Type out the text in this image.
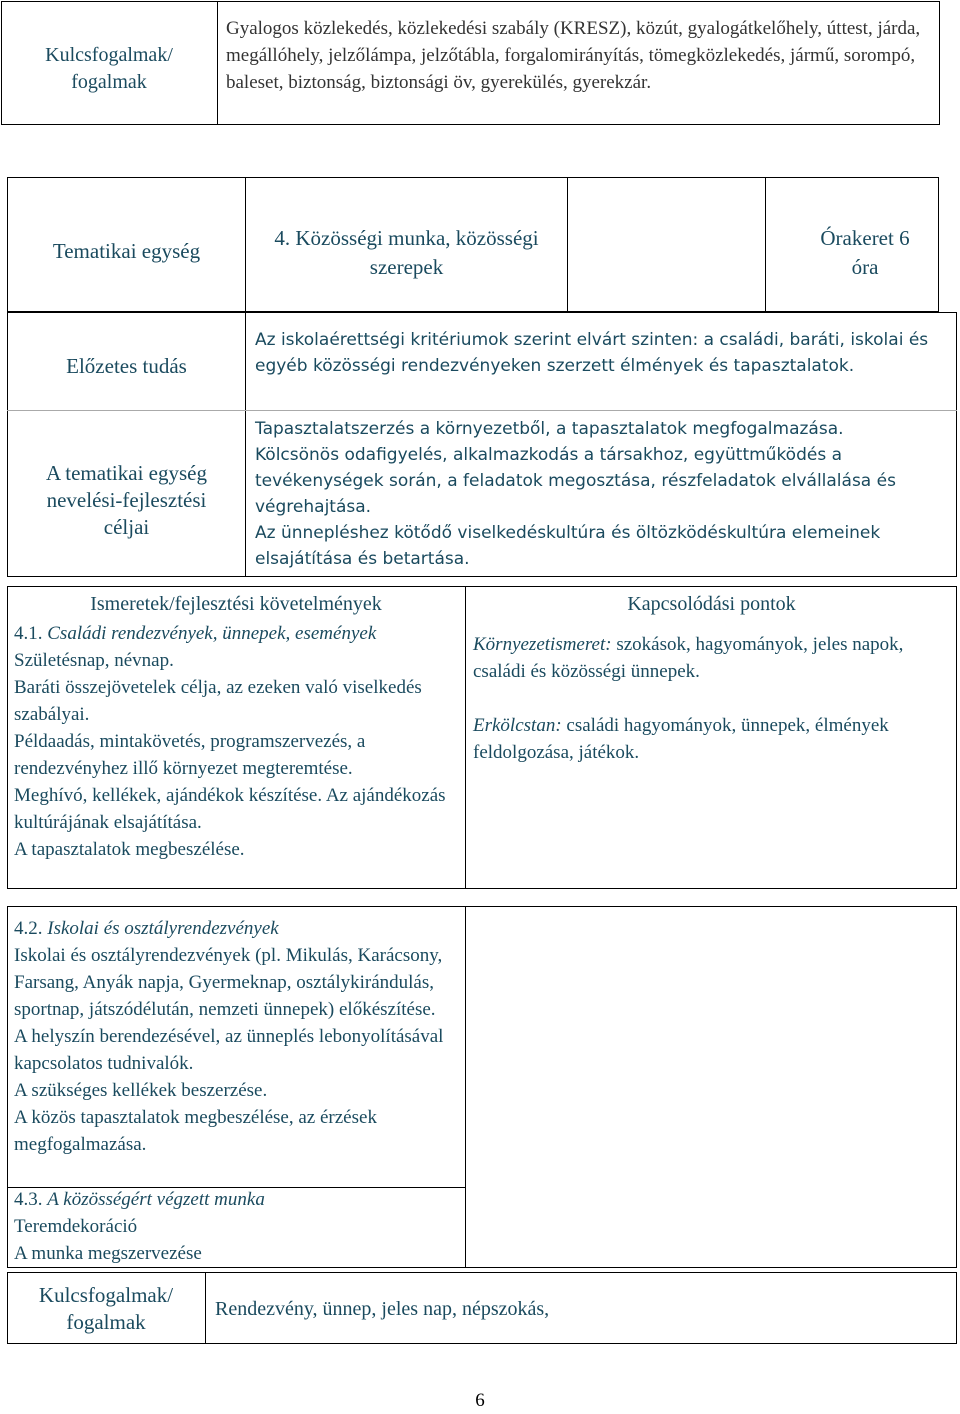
Kulcsfogalmak/
fogalmak
Gyalogos közlekedés, közlekedési szabály (KRESZ), közút, gyalogátkelőhely, úttest, járda, megállóhely, jelzőlámpa, jelzőtábla, forgalomirányítás, tömegközlekedés, jármű, sorompó, baleset, biztonság, biztonsági öv, gyerekülés, gyerekzár.
Tematikai egység
4. Közösségi munka, közösségi
szerepek
Órakeret 6
óra
Előzetes tudás
Az iskolaérettségi kritériumok szerint elvárt szinten: a családi, baráti, iskolai és egyéb közösségi rendezvényeken szerzett élmények és tapasztalatok.
A tematikai egység
nevelési-fejlesztési
céljai
Tapasztalatszerzés a környezetből, a tapasztalatok megfogalmazása.
Kölcsönös odafigyelés, alkalmazkodás a társakhoz, együttműködés a tevékenységek során, a feladatok megosztása, részfeladatok elvállalása és végrehajtása.
Az ünnepléshez kötődő viselkedéskultúra és öltözködéskultúra elemeinek elsajátítása és betartása.
Ismeretek/fejlesztési követelmények	Kapcsolódási pontok
4.1. Családi rendezvények, ünnepek, események
Születésnap, névnap.
Baráti összejövetelek célja, az ezeken való viselkedés szabályai.
Példaadás, mintakövetés, programszervezés, a rendezvényhez illő környezet megteremtése.
Meghívó, kellékek, ajándékok készítése. Az ajándékozás kultúrájának elsajátítása.
A tapasztalatok megbeszélése.
Környezetismeret: szokások, hagyományok, jeles napok, családi és közösségi ünnepek.
Erkölcstan: családi hagyományok, ünnepek, élmények feldolgozása, játékok.
4.2. Iskolai és osztályrendezvények
Iskolai és osztályrendezvények (pl. Mikulás, Karácsony, Farsang, Anyák napja, Gyermeknap, osztálykirándulás, sportnap, játszódélután, nemzeti ünnepek) előkészítése.
A helyszín berendezésével, az ünneplés lebonyolításával kapcsolatos tudnivalók.
A szükséges kellékek beszerzése.
A közös tapasztalatok megbeszélése, az érzések megfogalmazása.
4.3. A közösségért végzett munka
Teremdekoráció
A munka megszervezése
Kulcsfogalmak/
fogalmak
Rendezvény, ünnep, jeles nap, népszokás,
6
